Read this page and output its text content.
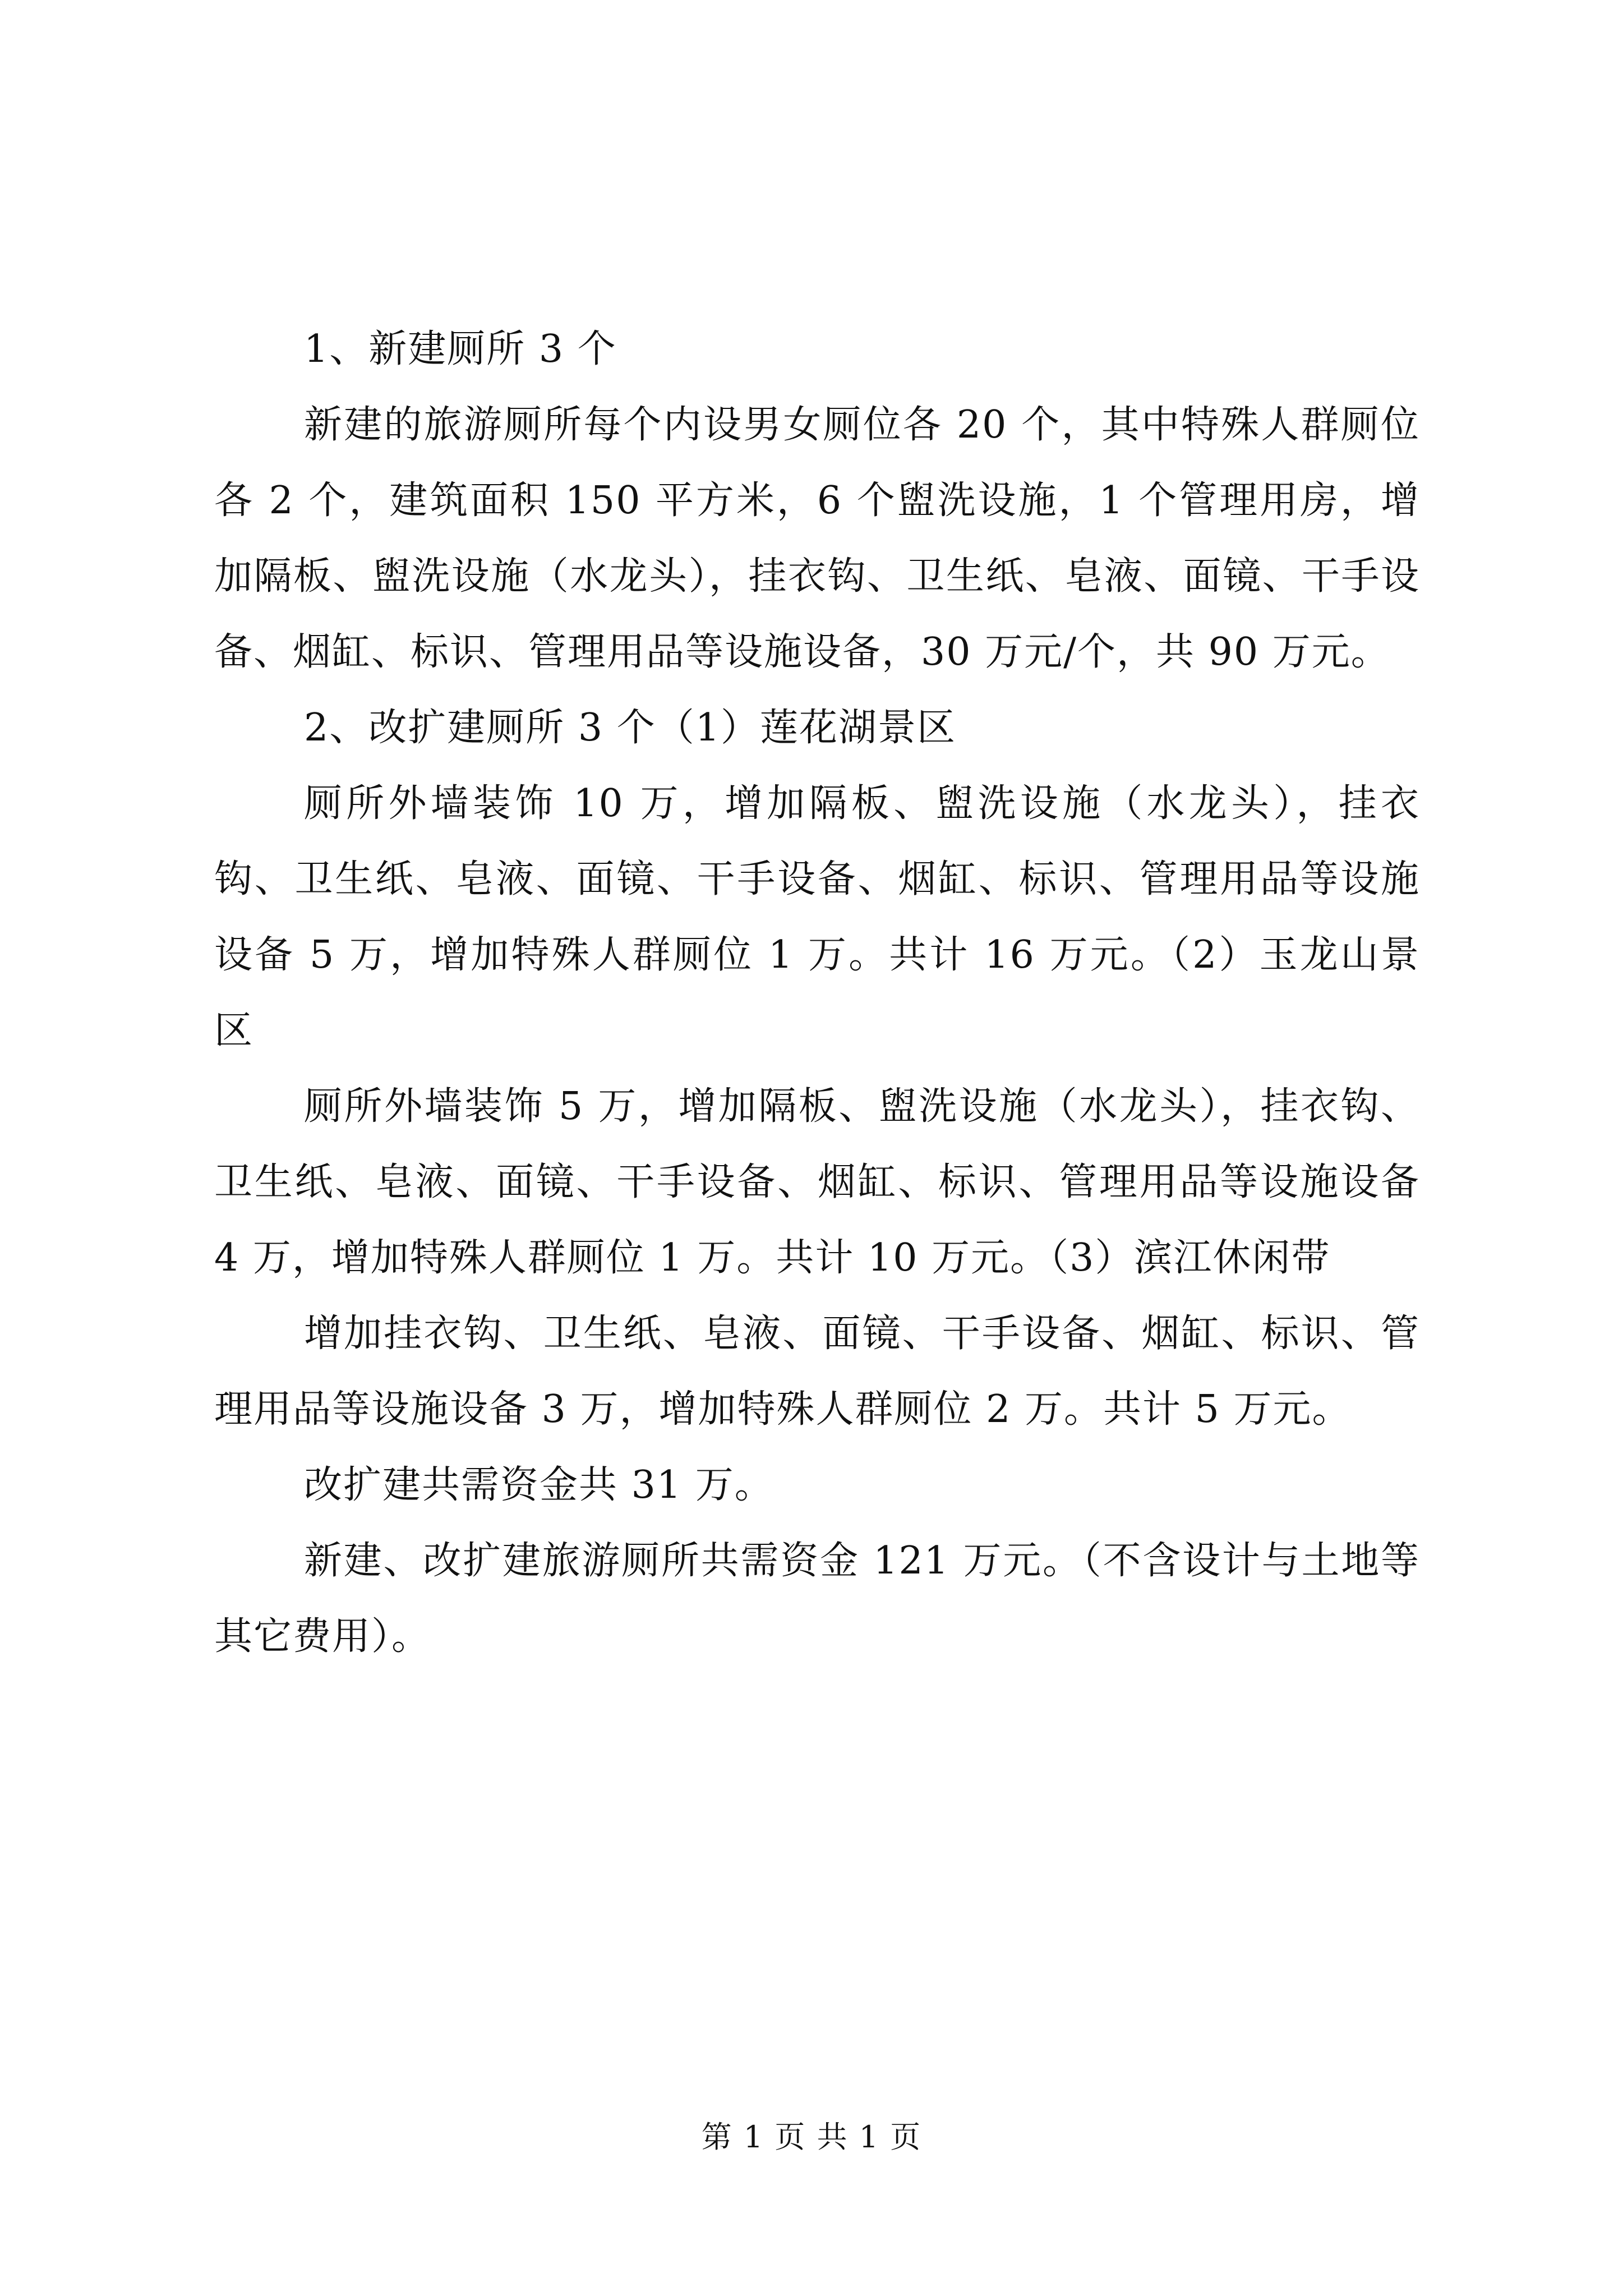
1、新建厕所 3 个

新建的旅游厕所每个内设男女厕位各 20 个，其中特殊人群厕位各 2 个，建筑面积 150 平方米，6 个盥洗设施，1 个管理用房，增加隔板、盥洗设施（水龙头），挂衣钩、卫生纸、皂液、面镜、干手设备、烟缸、标识、管理用品等设施设备，30 万元/个，共 90 万元。

2、改扩建厕所 3 个（1）莲花湖景区

厕所外墙装饰 10 万，增加隔板、盥洗设施（水龙头），挂衣钩、卫生纸、皂液、面镜、干手设备、烟缸、标识、管理用品等设施设备 5 万，增加特殊人群厕位 1 万。共计 16 万元。（2）玉龙山景区

厕所外墙装饰 5 万，增加隔板、盥洗设施（水龙头），挂衣钩、卫生纸、皂液、面镜、干手设备、烟缸、标识、管理用品等设施设备 4 万，增加特殊人群厕位 1 万。共计 10 万元。（3）滨江休闲带

增加挂衣钩、卫生纸、皂液、面镜、干手设备、烟缸、标识、管理用品等设施设备 3 万，增加特殊人群厕位 2 万。共计 5 万元。

改扩建共需资金共 31 万。

新建、改扩建旅游厕所共需资金 121 万元。（不含设计与土地等其它费用）。

第 1 页 共 1 页
